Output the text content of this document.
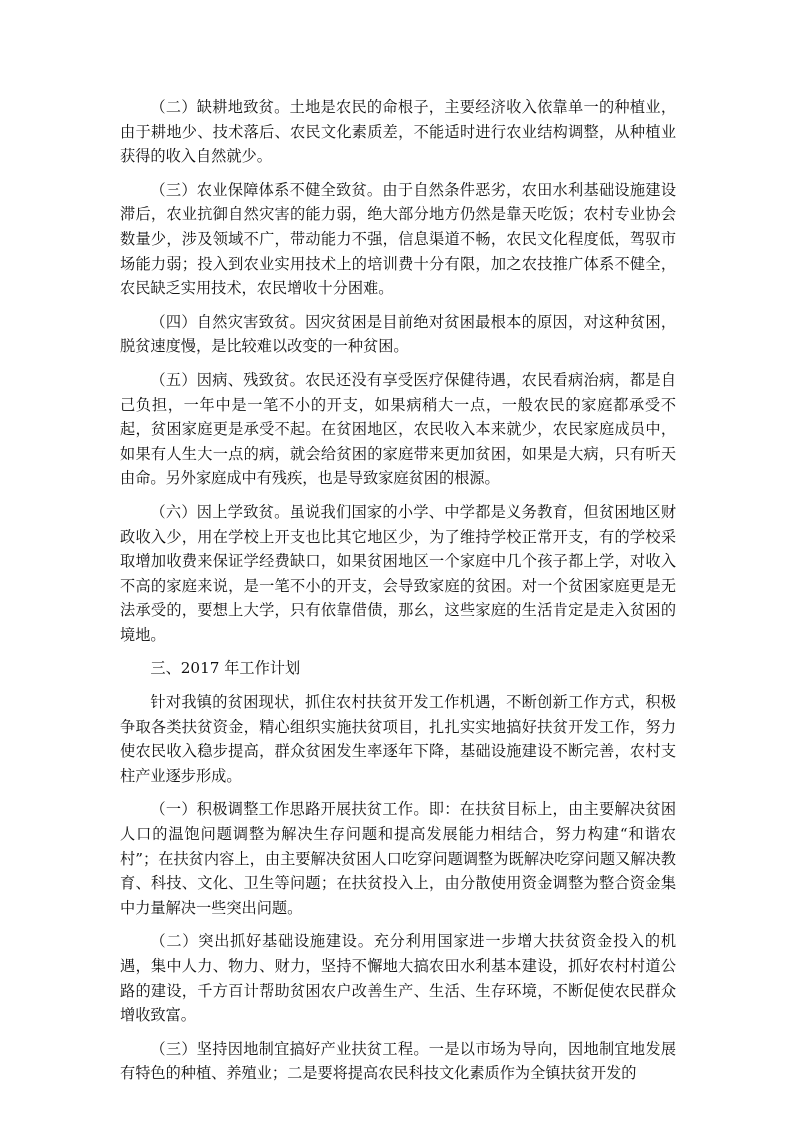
（二）缺耕地致贫。土地是农民的命根子，主要经济收入依靠单一的种植业，由于耕地少、技术落后、农民文化素质差，不能适时进行农业结构调整，从种植业获得的收入自然就少。

（三）农业保障体系不健全致贫。由于自然条件恶劣，农田水利基础设施建设滞后，农业抗御自然灾害的能力弱，绝大部分地方仍然是靠天吃饭；农村专业协会数量少，涉及领域不广，带动能力不强，信息渠道不畅，农民文化程度低，驾驭市场能力弱；投入到农业实用技术上的培训费十分有限，加之农技推广体系不健全，农民缺乏实用技术，农民增收十分困难。

（四）自然灾害致贫。因灾贫困是目前绝对贫困最根本的原因，对这种贫困，脱贫速度慢，是比较难以改变的一种贫困。

（五）因病、残致贫。农民还没有享受医疗保健待遇，农民看病治病，都是自己负担，一年中是一笔不小的开支，如果病稍大一点，一般农民的家庭都承受不起，贫困家庭更是承受不起。在贫困地区，农民收入本来就少，农民家庭成员中，如果有人生大一点的病，就会给贫困的家庭带来更加贫困，如果是大病，只有听天由命。另外家庭成中有残疾，也是导致家庭贫困的根源。

（六）因上学致贫。虽说我们国家的小学、中学都是义务教育，但贫困地区财政收入少，用在学校上开支也比其它地区少，为了维持学校正常开支，有的学校采取增加收费来保证学经费缺口，如果贫困地区一个家庭中几个孩子都上学，对收入不高的家庭来说，是一笔不小的开支，会导致家庭的贫困。对一个贫困家庭更是无法承受的，要想上大学，只有依靠借债，那幺，这些家庭的生活肯定是走入贫困的境地。

三、2017 年工作计划

针对我镇的贫困现状，抓住农村扶贫开发工作机遇，不断创新工作方式，积极争取各类扶贫资金，精心组织实施扶贫项目，扎扎实实地搞好扶贫开发工作，努力使农民收入稳步提高，群众贫困发生率逐年下降，基础设施建设不断完善，农村支柱产业逐步形成。

（一）积极调整工作思路开展扶贫工作。即：在扶贫目标上，由主要解决贫困人口的温饱问题调整为解决生存问题和提高发展能力相结合，努力构建“和谐农村”；在扶贫内容上，由主要解决贫困人口吃穿问题调整为既解决吃穿问题又解决教育、科技、文化、卫生等问题；在扶贫投入上，由分散使用资金调整为整合资金集中力量解决一些突出问题。

（二）突出抓好基础设施建设。充分利用国家进一步增大扶贫资金投入的机遇，集中人力、物力、财力，坚持不懈地大搞农田水利基本建设，抓好农村村道公路的建设，千方百计帮助贫困农户改善生产、生活、生存环境，不断促使农民群众增收致富。

（三）坚持因地制宜搞好产业扶贫工程。一是以市场为导向，因地制宜地发展有特色的种植、养殖业；二是要将提高农民科技文化素质作为全镇扶贫开发的
